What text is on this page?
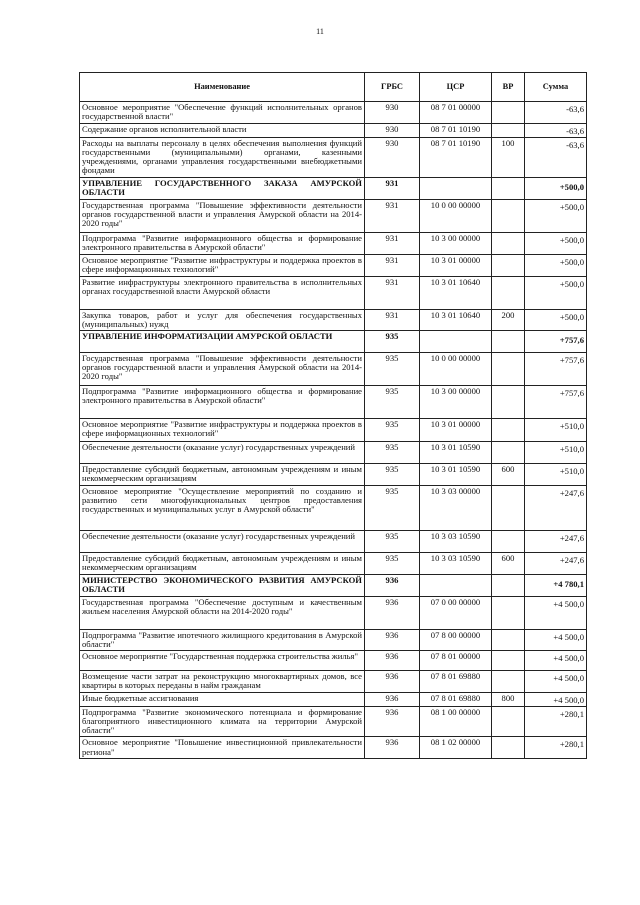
11
Наименование	ГРБС	ЦСР	ВР	Сумма
Основное мероприятие "Обеспечение функций исполнительных органов государственной власти"	930	08 7 01 00000		-63,6
Содержание органов исполнительной власти	930	08 7 01 10190		-63,6
Расходы на выплаты персоналу в целях обеспечения выполнения функций государственными (муниципальными) органами, казенными учреждениями, органами управления государственными внебюджетными фондами	930	08 7 01 10190	100	-63,6
УПРАВЛЕНИЕ ГОСУДАРСТВЕННОГО ЗАКАЗА АМУРСКОЙ ОБЛАСТИ	931			+500,0
Государственная программа "Повышение эффективности деятельности органов государственной власти и управления Амурской области на 2014-2020 годы"	931	10 0 00 00000		+500,0
Подпрограмма "Развитие информационного общества и формирование электронного правительства в Амурской области"	931	10 3 00 00000		+500,0
Основное мероприятие "Развитие инфраструктуры и поддержка проектов в сфере информационных технологий"	931	10 3 01 00000		+500,0
Развитие инфраструктуры электронного правительства в исполнительных органах государственной власти Амурской области	931	10 3 01 10640		+500,0
Закупка товаров, работ и услуг для обеспечения государственных (муниципальных) нужд	931	10 3 01 10640	200	+500,0
УПРАВЛЕНИЕ ИНФОРМАТИЗАЦИИ АМУРСКОЙ ОБЛАСТИ	935			+757,6
Государственная программа "Повышение эффективности деятельности органов государственной власти и управления Амурской области на 2014-2020 годы"	935	10 0 00 00000		+757,6
Подпрограмма "Развитие информационного общества и формирование электронного правительства в Амурской области"	935	10 3 00 00000		+757,6
Основное мероприятие "Развитие инфраструктуры и поддержка проектов в сфере информационных технологий"	935	10 3 01 00000		+510,0
Обеспечение деятельности (оказание услуг) государственных учреждений	935	10 3 01 10590		+510,0
Предоставление субсидий бюджетным, автономным учреждениям и иным некоммерческим организациям	935	10 3 01 10590	600	+510,0
Основное мероприятие "Осуществление мероприятий по созданию и развитию сети многофункциональных центров предоставления государственных и муниципальных услуг в Амурской области"	935	10 3 03 00000		+247,6
Обеспечение деятельности (оказание услуг) государственных учреждений	935	10 3 03 10590		+247,6
Предоставление субсидий бюджетным, автономным учреждениям и иным некоммерческим организациям	935	10 3 03 10590	600	+247,6
МИНИСТЕРСТВО ЭКОНОМИЧЕСКОГО РАЗВИТИЯ АМУРСКОЙ ОБЛАСТИ	936			+4 780,1
Государственная программа "Обеспечение доступным и качественным жильем населения Амурской области на 2014-2020 годы"	936	07 0 00 00000		+4 500,0
Подпрограмма "Развитие ипотечного жилищного кредитования в Амурской области"	936	07 8 00 00000		+4 500,0
Основное мероприятие "Государственная поддержка строительства жилья"	936	07 8 01 00000		+4 500,0
Возмещение части затрат на реконструкцию многоквартирных домов, все квартиры в которых переданы в найм гражданам	936	07 8 01 69880		+4 500,0
Иные бюджетные ассигнования	936	07 8 01 69880	800	+4 500,0
Подпрограмма "Развитие экономического потенциала и формирование благоприятного инвестиционного климата на территории Амурской области"	936	08 1 00 00000		+280,1
Основное мероприятие "Повышение инвестиционной привлекательности региона"	936	08 1 02 00000		+280,1
